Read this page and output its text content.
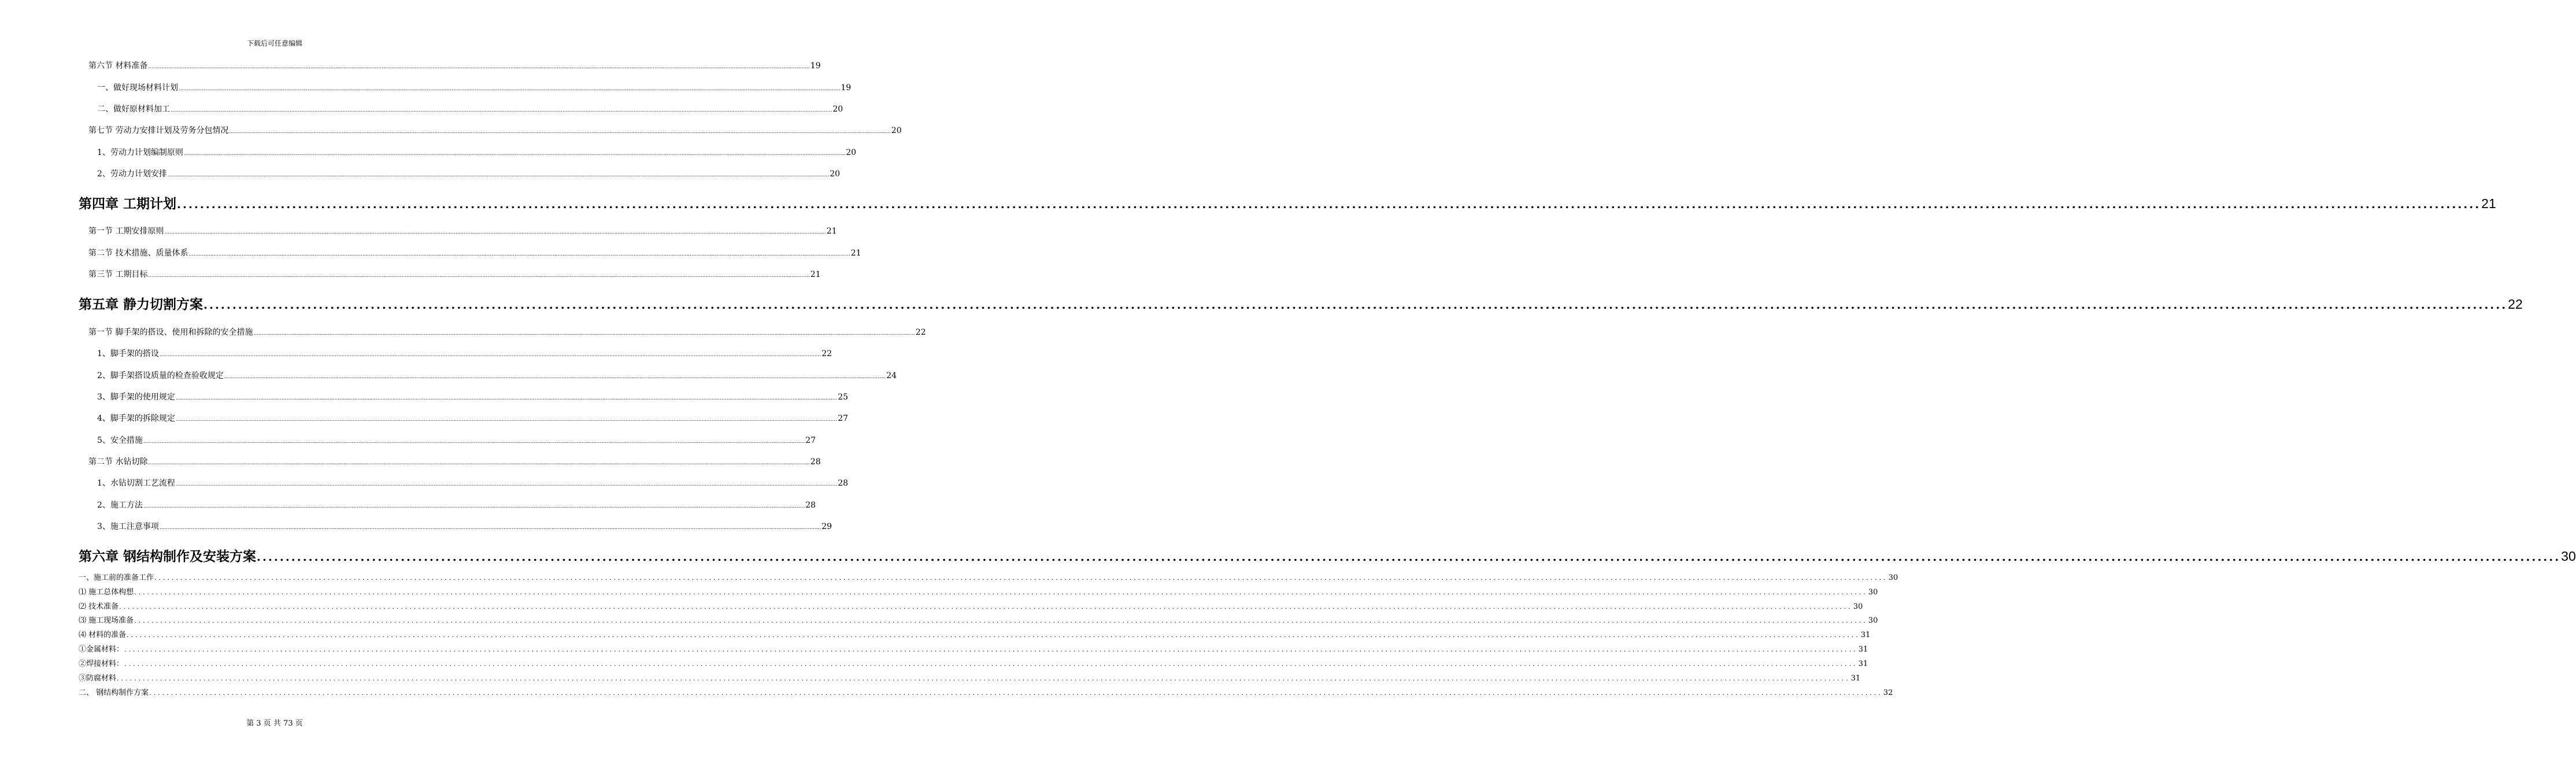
下载后可任意编辑
第六节 材料准备 ................................................................................................................................................................................................................................................................................................................................................................................................................ 19
一、做好现场材料计划 ................................................................................................................................................................................................................................................................................................................................................................................................................ 19
二、做好原材料加工 ................................................................................................................................................................................................................................................................................................................................................................................................................ 20
第七节 劳动力安排计划及劳务分包情况 ................................................................................................................................................................................................................................................................................................................................................................................................................ 20
1、劳动力计划编制原则 ................................................................................................................................................................................................................................................................................................................................................................................................................ 20
2、劳动力计划安排 ................................................................................................................................................................................................................................................................................................................................................................................................................ 20
第四章 工期计划 ................................................................................................................................................................................................................................................................................................................................................................................................................ 21
第一节 工期安排原则 ................................................................................................................................................................................................................................................................................................................................................................................................................ 21
第二节 技术措施、质量体系 ................................................................................................................................................................................................................................................................................................................................................................................................................ 21
第三节 工期目标 ................................................................................................................................................................................................................................................................................................................................................................................................................ 21
第五章 静力切割方案 ................................................................................................................................................................................................................................................................................................................................................................................................................ 22
第一节 脚手架的搭设、使用和拆除的安全措施 ................................................................................................................................................................................................................................................................................................................................................................................................................ 22
1、脚手架的搭设 ................................................................................................................................................................................................................................................................................................................................................................................................................ 22
2、脚手架搭设质量的检查验收规定 ................................................................................................................................................................................................................................................................................................................................................................................................................ 24
3、脚手架的使用规定 ................................................................................................................................................................................................................................................................................................................................................................................................................ 25
4、脚手架的拆除规定 ................................................................................................................................................................................................................................................................................................................................................................................................................ 27
5、安全措施 ................................................................................................................................................................................................................................................................................................................................................................................................................ 27
第二节 水钻切除 ................................................................................................................................................................................................................................................................................................................................................................................................................ 28
1、水钻切割工艺流程 ................................................................................................................................................................................................................................................................................................................................................................................................................ 28
2、施工方法 ................................................................................................................................................................................................................................................................................................................................................................................................................ 28
3、施工注意事项 ................................................................................................................................................................................................................................................................................................................................................................................................................ 29
第六章 钢结构制作及安装方案 ................................................................................................................................................................................................................................................................................................................................................................................................................ 30
一、施工前的准备工作 ................................................................................................................................................................................................................................................................................................................................................................................................................ 30
⑴ 施工总体构想 ................................................................................................................................................................................................................................................................................................................................................................................................................ 30
⑵ 技术准备 ................................................................................................................................................................................................................................................................................................................................................................................................................ 30
⑶ 施工现场准备 ................................................................................................................................................................................................................................................................................................................................................................................................................ 30
⑷ 材料的准备 ................................................................................................................................................................................................................................................................................................................................................................................................................ 31
①金属材料： ................................................................................................................................................................................................................................................................................................................................................................................................................ 31
②焊接材料： ................................................................................................................................................................................................................................................................................................................................................................................................................ 31
③防腐材料 ................................................................................................................................................................................................................................................................................................................................................................................................................ 31
二、 钢结构制作方案 ................................................................................................................................................................................................................................................................................................................................................................................................................ 32
第 3 页 共 73 页
